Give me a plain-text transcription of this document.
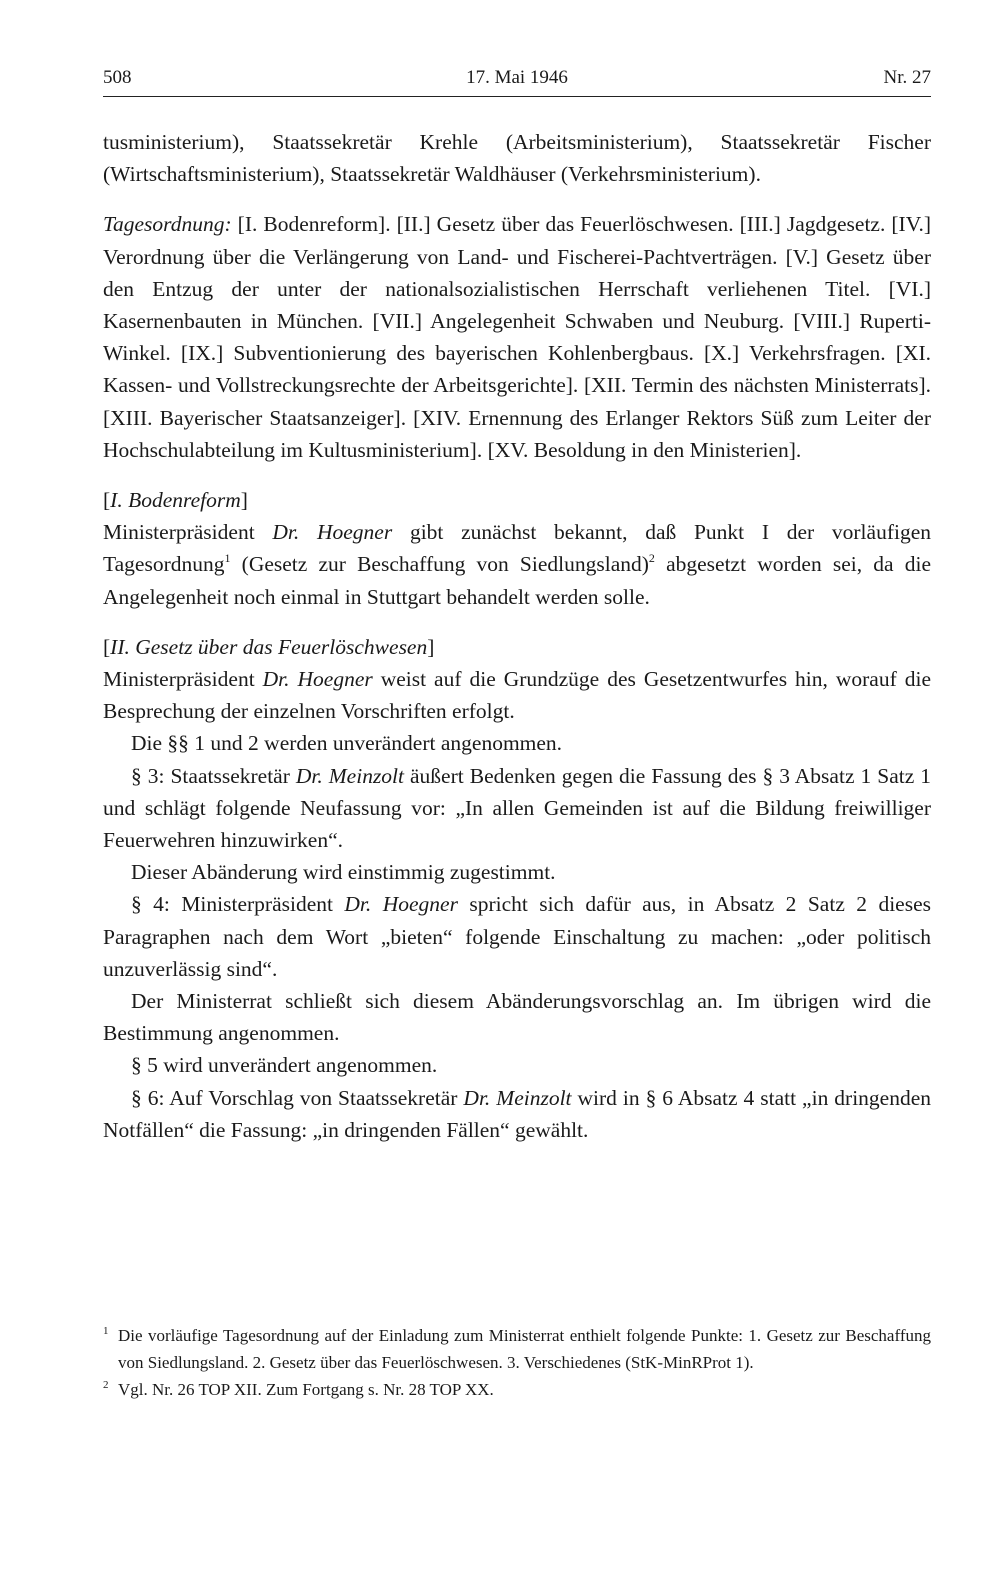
508	17. Mai 1946	Nr. 27

tusministerium), Staatssekretär Krehle (Arbeitsministerium), Staatssekretär Fischer (Wirtschaftsministerium), Staatssekretär Waldhäuser (Verkehrsministerium).

Tagesordnung: [I. Bodenreform]. [II.] Gesetz über das Feuerlöschwesen. [III.] Jagdgesetz. [IV.] Verordnung über die Verlängerung von Land- und Fischerei-Pachtverträgen. [V.] Gesetz über den Entzug der unter der nationalsozialistischen Herrschaft verliehenen Titel. [VI.] Kasernenbauten in München. [VII.] Angelegenheit Schwaben und Neuburg. [VIII.] Ruperti-Winkel. [IX.] Subventionierung des bayerischen Kohlenbergbaus. [X.] Verkehrsfragen. [XI. Kassen- und Vollstreckungsrechte der Arbeitsgerichte]. [XII. Termin des nächsten Ministerrats]. [XIII. Bayerischer Staatsanzeiger]. [XIV. Ernennung des Erlanger Rektors Süß zum Leiter der Hochschulabteilung im Kultusministerium]. [XV. Besoldung in den Ministerien].

[I. Bodenreform]

Ministerpräsident Dr. Hoegner gibt zunächst bekannt, daß Punkt I der vorläufigen Tagesordnung$^1$ (Gesetz zur Beschaffung von Siedlungsland)$^2$ abgesetzt worden sei, da die Angelegenheit noch einmal in Stuttgart behandelt werden solle.

[II. Gesetz über das Feuerlöschwesen]

Ministerpräsident Dr. Hoegner weist auf die Grundzüge des Gesetzentwurfes hin, worauf die Besprechung der einzelnen Vorschriften erfolgt.

Die §§ 1 und 2 werden unverändert angenommen.

§ 3: Staatssekretär Dr. Meinzolt äußert Bedenken gegen die Fassung des § 3 Absatz 1 Satz 1 und schlägt folgende Neufassung vor: „In allen Gemeinden ist auf die Bildung freiwilliger Feuerwehren hinzuwirken“.

Dieser Abänderung wird einstimmig zugestimmt.

§ 4: Ministerpräsident Dr. Hoegner spricht sich dafür aus, in Absatz 2 Satz 2 dieses Paragraphen nach dem Wort „bieten“ folgende Einschaltung zu machen: „oder politisch unzuverlässig sind“.

Der Ministerrat schließt sich diesem Abänderungsvorschlag an. Im übrigen wird die Bestimmung angenommen.

§ 5 wird unverändert angenommen.

§ 6: Auf Vorschlag von Staatssekretär Dr. Meinzolt wird in § 6 Absatz 4 statt „in dringenden Notfällen“ die Fassung: „in dringenden Fällen“ gewählt.

1 Die vorläufige Tagesordnung auf der Einladung zum Ministerrat enthielt folgende Punkte: 1. Gesetz zur Beschaffung von Siedlungsland. 2. Gesetz über das Feuerlöschwesen. 3. Verschiedenes (StK-MinRProt 1).

2 Vgl. Nr. 26 TOP XII. Zum Fortgang s. Nr. 28 TOP XX.
